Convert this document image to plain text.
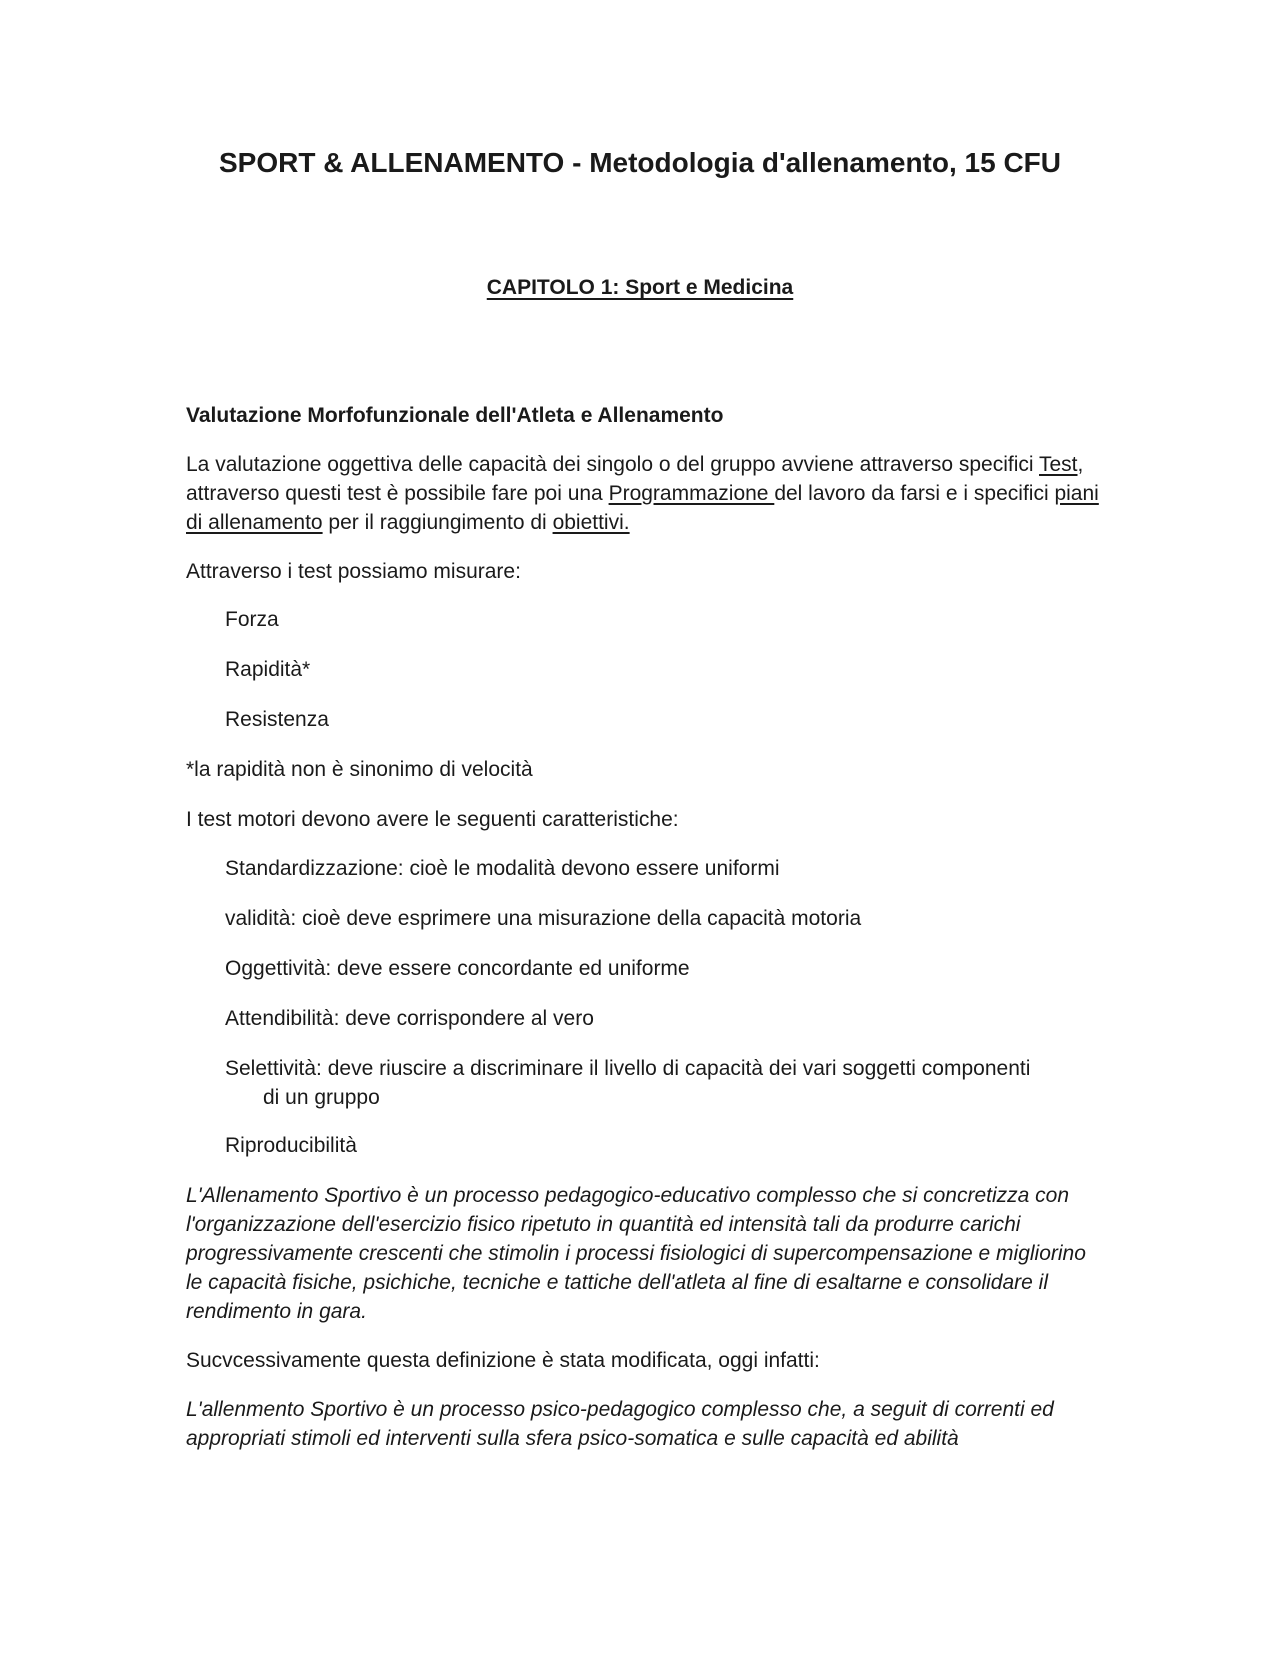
SPORT & ALLENAMENTO - Metodologia d'allenamento, 15 CFU
CAPITOLO 1: Sport e Medicina
Valutazione Morfofunzionale dell'Atleta e Allenamento
La valutazione oggettiva delle capacità dei singolo o del gruppo avviene attraverso specifici Test, attraverso questi test è possibile fare poi una Programmazione del lavoro da farsi e i specifici piani di allenamento per il raggiungimento di obiettivi.
Attraverso i test possiamo misurare:
Forza
Rapidità*
Resistenza
*la rapidità non è sinonimo di velocità
I test motori devono avere le seguenti caratteristiche:
Standardizzazione: cioè le modalità devono essere uniformi
validità: cioè deve esprimere una misurazione della capacità motoria
Oggettività: deve essere concordante ed uniforme
Attendibilità: deve corrispondere al vero
Selettività: deve riuscire a discriminare il livello di capacità dei vari soggetti componenti di un gruppo
Riproducibilità
L'Allenamento Sportivo è un processo pedagogico-educativo complesso che si concretizza con l'organizzazione dell'esercizio fisico ripetuto in quantità ed intensità tali da produrre carichi progressivamente crescenti che stimolin i processi fisiologici di supercompensazione e migliorino le capacità fisiche, psichiche, tecniche e tattiche dell'atleta al fine di esaltarne e consolidare il rendimento in gara.
Sucvcessivamente questa definizione è stata modificata, oggi infatti:
L'allenmento Sportivo è un processo psico-pedagogico complesso che, a seguit di correnti ed appropriati stimoli ed interventi sulla sfera psico-somatica e sulle capacità ed abilità
